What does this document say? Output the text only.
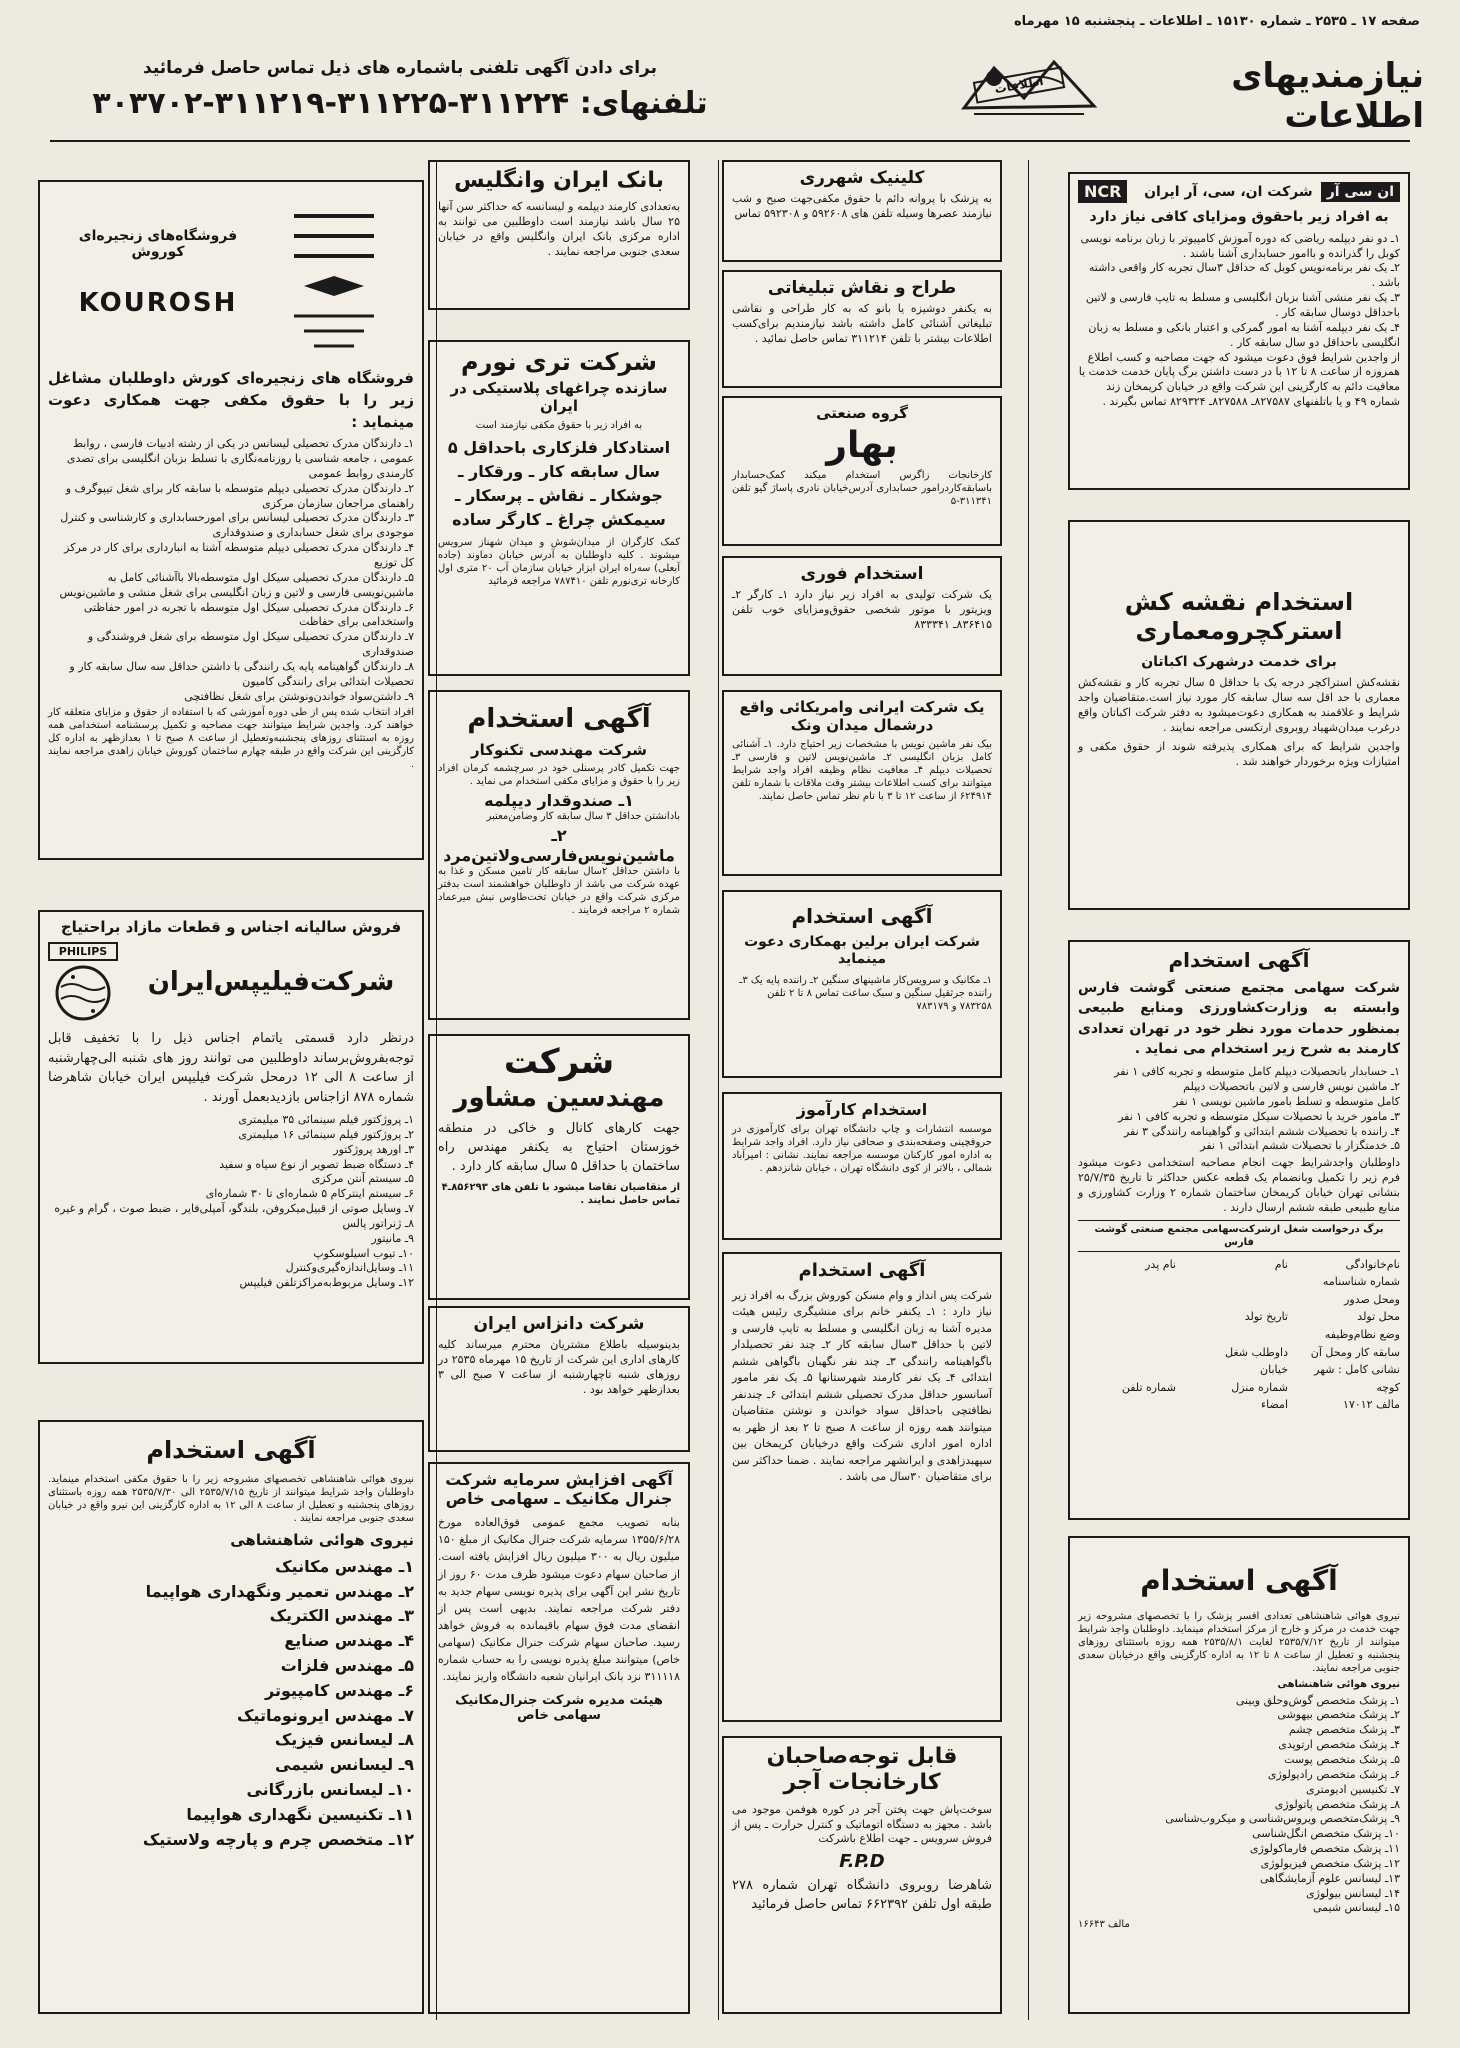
صفحه ۱۷ ـ ۲۵۳۵ ـ شماره ۱۵۱۳۰ ـ اطلاعات ـ پنجشنبه ۱۵ مهرماه
نیازمندیهای اطلاعات
اطلاعات
برای دادن آگهی تلفنی باشماره های ذیل تماس حاصل فرمائید
تلفنهای: ۳۱۱۲۲۴-۳۱۱۲۲۵-۳۱۱۲۱۹-۳۰۳۷۰۲
ان سی آر
شرکت ان، سی، آر ایران
NCR
به افراد زیر باحقوق ومزایای کافی نیاز دارد
۱ـ دو نفر دیپلمه ریاضی که دوره آموزش کامپیوتر با زبان برنامه نویسی کوبل را گذرانده و باامور حسابداری آشنا باشند .
۲ـ یک نفر برنامه‌نویس کوبل که حداقل ۳سال تجربه کار واقعی داشته باشد .
۳ـ یک نفر منشی آشنا بزبان انگلیسی و مسلط به تایپ فارسی و لاتین باحداقل دوسال سابقه کار .
۴ـ یک نفر دیپلمه آشنا به امور گمرکی و اعتبار بانکی و مسلط به زبان انگلیسی باحداقل دو سال سابقه کار .
از واجدین شرایط فوق دعوت میشود که جهت مصاحبه و کسب اطلاع همروزه از ساعت ۸ تا ۱۲ با در دست داشتن برگ پایان خدمت خدمت یا معافیت دائم به کارگزینی این شرکت واقع در خیابان کریمخان زند شماره ۴۹ و یا باتلفنهای ۸۲۷۵۸۷ـ ۸۲۷۵۸۸ـ ۸۲۹۳۲۴ تماس بگیرند .
استخدام نقشه کش
استرکچرومعماری
برای خدمت درشهرک اکباتان
نقشه‌کش استراکچر درجه یک با حداقل ۵ سال تجربه کار و نقشه‌کش معماری با حد اقل سه سال سابقه کار مورد نیاز است.متقاضیان واجد شرایط و علاقمند به همکاری دعوت‌میشود به دفتر شرکت اکباتان واقع درغرب میدان‌شهیاد روبروی ارتکسی مراجعه نمایند .
واجدین شرایط که برای همکاری پذیرفته شوند از حقوق مکفی و امتیازات ویژه برخوردار خواهند شد .
آگهی استخدام
شرکت سهامی مجتمع صنعتی گوشت فارس وابسته به وزارت‌کشاورزی ومنابع طبیعی بمنظور حدمات مورد نظر خود در تهران تعدادی کارمند به شرح زیر استخدام می نماید .
۱ـ حسابدار باتحصیلات دیپلم کامل متوسطه و تجربه کافی ۱ نفر
۲ـ ماشین نویس فارسی و لاتین باتحصیلات دیپلم
کامل متوسطه و تسلط بامور ماشین نویسی ۱ نفر
۳ـ مامور خرید با تحصیلات سیکل متوسطه و تجربه کافی ۱ نفر
۴ـ راننده با تحصیلات ششم ابتدائی و گواهینامه رانندگی ۳ نفر
۵ـ خدمتگزار با تحصیلات ششم ابتدائی ۱ نفر
داوطلبان واجدشرایط جهت انجام مصاحبه استخدامی دعوت میشود فرم زیر را تکمیل وبانضمام یک قطعه عکس حداکثر تا تاریخ ۲۵/۷/۳۵ بنشانی تهران خیابان کریمخان ساختمان شماره ۲ وزارت کشاورزی و منابع طبیعی طبقه ششم ارسال دارند .
برگ درخواست شغل ازشرکت‌سهامی مجتمع صنعتی گوشت فارس
نام‌خانوادگی
نام
نام پدر
شماره شناسنامه ومحل صدور
محل تولد
تاریخ تولد
وضع نظام‌وظیفه
سابقه کار ومحل آن
داوطلب شغل
نشانی کامل : شهر
خیابان
کوچه
شماره منزل
شماره تلفن
مالف ۱۷۰۱۲
امضاء
آگهی استخدام
نیروی هوائی شاهنشاهی تعدادی افسر پزشک را با تخصصهای مشروحه زیر جهت خدمت در مرکز و خارج از مرکز استخدام مینماید. داوطلبان واجد شرایط میتوانند از تاریخ ۲۵۳۵/۷/۱۲ لغایت ۲۵۳۵/۸/۱ همه روزه باستثنای روزهای پنجشنبه و تعطیل از ساعت ۸ تا ۱۲ به اداره کارگزینی واقع درخیابان سعدی جنوبی مراجعه نمایند.
نیروی هوائی شاهنشاهی
۱ـ پزشک متخصص گوش‌وحلق وبینی
۲ـ پزشک متخصص بیهوشی
۳ـ پزشک متخصص چشم
۴ـ پزشک متخصص ارتوپدی
۵ـ پزشک متخصص پوست
۶ـ پزشک متخصص رادیولوژی
۷ـ تکنیسین ادیومتری
۸ـ پزشک متخصص پاتولوژی
۹ـ پزشک‌متخصص ویروس‌شناسی و میکروب‌شناسی
۱۰ـ پزشک متخصص انگل‌شناسی
۱۱ـ پزشک متخصص فارماکولوژی
۱۲ـ پزشک متخصص فیزیولوژی
۱۳ـ لیسانس علوم آزمایشگاهی
۱۴ـ لیسانس بیولوژی
۱۵ـ لیسانس شیمی
مالف ۱۶۶۴۳
کلینیک شهرری
به پزشک با پروانه دائم با حقوق مکفی‌جهت صبح و شب نیازمند عصرها وسیله تلفن های ۵۹۲۶۰۸ و ۵۹۲۳۰۸ تماس
طراح و نقاش تبلیغاتی
به یکنفر دوشیزه یا بانو که به کار طراحی و نقاشی تبلیغاتی آشنائی کامل داشته باشد نیازمندیم برای‌کسب اطلاعات بیشتر با تلفن ۳۱۱۲۱۴ تماس حاصل نمائید .
گروه صنعتی
بهار
کارخانجات زاگرس استخدام میکند کمک‌حسابدار باسابقه‌کاردرامور حسابداری آدرس‌خیابان نادری پاساژ گیو تلفن ۳۱۱۳۴۱-۵
استخدام فوری
یک شرکت تولیدی به افراد زیر نیاز دارد ۱ـ کارگر ۲ـ ویزیتور با موتور شخصی حقوق‌ومزایای خوب تلفن ۸۳۶۴۱۵ـ ۸۳۳۳۴۱
یک شرکت ایرانی وامریکائی واقع درشمال میدان ونک
بیک نفر ماشین نویس با مشخصات زیر احتیاج دارد. ۱ـ آشنائی کامل بزبان انگلیسی ۲ـ ماشین‌نویس لاتین و فارسی ۳ـ تحصیلات دیپلم ۴ـ معافیت نظام وظیفه افراد واجد شرایط میتوانند برای کسب اطلاعات بیشتر وقت ملاقات با شماره تلفن ۶۲۴۹۱۴ از ساعت ۱۲ تا ۳ با نام نظر تماس حاصل نمایند.
آگهی استخدام
شرکت ایران برلین بهمکاری دعوت مینماید
۱ـ مکانیک و سرویس‌کار ماشینهای سنگین ۲ـ راننده پایه یک ۳ـ راننده جرثقیل سنگین و سبک ساعت تماس ۸ تا ۲ تلفن ۷۸۳۲۵۸ و ۷۸۳۱۷۹
استخدام کارآموز
موسسه انتشارات و چاپ دانشگاه تهران برای کارآموزی در حروفچینی وصفحه‌بندی و صحافی نیاز دارد. افراد واجد شرایط به اداره امور کارکنان موسسه مراجعه نمایند. نشانی : امیرآباد شمالی ، بالاتر از کوی دانشگاه تهران ، خیابان شانزدهم .
آگهی استخدام
شرکت پس انداز و وام مسکن کوروش بزرگ به افراد زیر نیاز دارد : ۱ـ یکنفر خانم برای منشیگری رئیس هیئت مدیره آشنا به زبان انگلیسی و مسلط به تایپ فارسی و لاتین با حداقل ۳سال سابقه کار ۲ـ چند نفر تحصیلدار باگواهینامه رانندگی ۳ـ چند نفر نگهبان باگواهی ششم ابتدائی ۴ـ یک نفر کارمند شهرستانها ۵ـ یک نفر مامور آسانسور حداقل مدرک تحصیلی ششم ابتدائی ۶ـ چندنفر نظافتچی باحداقل سواد خواندن و نوشتن متقاضیان میتوانند همه روزه از ساعت ۸ صبح تا ۲ بعد از ظهر به اداره امور اداری شرکت واقع درخیابان کریمخان بین سپهبدزاهدی و ایرانشهر مراجعه نمایند . ضمنا حداکثر سن برای متقاضیان ۳۰سال می باشد .
قابل توجه‌صاحبان
کارخانجات آجر
سوخت‌پاش جهت پختن آجر در کوره هوفمن موجود می باشد . مجهز به دستگاه اتوماتیک و کنترل حرارت ـ پس از فروش سرویس ـ جهت اطلاع باشرکت
F.P.D
شاهرضا روبروی دانشگاه تهران شماره ۲۷۸ طبقه اول تلفن ۶۶۲۳۹۲ تماس حاصل فرمائید
بانک ایران وانگلیس
به‌تعدادی کارمند دیپلمه و لیسانسه که حداکثر سن آنها ۲۵ سال باشد نیازمند است داوطلبین می توانند به اداره مرکزی بانک ایران وانگلیس واقع در خیابان سعدی جنوبی مراجعه نمایند .
شرکت تری نورم
سازنده چراغهای پلاستیکی در ایران
به افراد زیر با حقوق مکفی نیازمند است
استادکار فلزکاری باحداقل ۵ سال سابقه کار ـ ورقکار ـ جوشکار ـ نقاش ـ پرسکار ـ سیمکش چراغ ـ کارگر ساده
کمک کارگران از میدان‌شوش و میدان شهناز سرویس میشوند . کلیه داوطلبان به آدرس خیابان دماوند (جاده آبعلی) سه‌راه ایران ابزار خیابان سازمان آب ۲۰ متری اول کارخانه تری‌نورم تلفن ۷۸۷۴۱۰ مراجعه فرمائید
آگهی استخدام
شرکت مهندسی تکنوکار
جهت تکمیل کادر پرسنلی خود در سرچشمه کرمان افراد زیر را با حقوق و مزایای مکفی استخدام می نماید .
۱ـ صندوقدار دیپلمه
بادانشتن حداقل ۳ سال سابقه کار وضامن‌معتبر
۲ـ ماشین‌نویس‌فارسی‌ولاتین‌مرد
با داشتن حداقل ۲سال سابقه کار تامین مسکن و غذا به عهده شرکت می باشد از داوطلبان خواهشمند است بدفتر مرکزی شرکت واقع در خیابان تخت‌طاوس نبش میرعماد شماره ۲ مراجعه فرمایند .
شرکت
مهندسین مشاور
جهت کارهای کانال و خاکی در منطقه خوزستان احتیاج به یکنفر مهندس راه ساختمان با حداقل ۵ سال سابقه کار دارد .
از متقاضیان تقاضا میشود با تلفن های ۸۵۶۲۹۳ـ۴ تماس حاصل نمایند .
شرکت دانزاس ایران
بدینوسیله باطلاع مشتریان محترم میرساند کلیه کارهای اداری این شرکت از تاریخ ۱۵ مهرماه ۲۵۳۵ در روزهای شنبه تاچهارشنبه از ساعت ۷ صبح الی ۳ بعدازظهر خواهد بود .
آگهی افزایش سرمایه شرکت جنرال مکانیک ـ سهامی خاص
بنابه تصویب مجمع عمومی فوق‌العاده مورخ ۱۳۵۵/۶/۲۸ سرمایه شرکت جنرال مکانیک از مبلغ ۱۵۰ میلیون ریال به ۳۰۰ میلیون ریال افزایش یافته است. از صاحبان سهام دعوت میشود ظرف مدت ۶۰ روز از تاریخ نشر این آگهی برای پذیره نویسی سهام جدید به دفتر شرکت مراجعه نمایند. بدیهی است پس از انقضای مدت فوق سهام باقیمانده به فروش خواهد رسید. صاحبان سهام شرکت جنرال مکانیک (سهامی خاص) میتوانند مبلغ پذیره نویسی را به حساب شماره ۳۱۱۱۱۸ نزد بانک ایرانیان شعبه دانشگاه واریز نمایند.
هیئت مدیره شرکت جنرال‌مکانیک سهامی خاص
فروشگاه‌های زنجیره‌ای کوروش
KOUROSH
فروشگاه های زنجیره‌ای کورش داوطلبان مشاغل زیر را با حقوق مکفی جهت همکاری دعوت مینماید :
۱ـ دارندگان مدرک تحصیلی لیسانس در یکی از رشته ادبیات فارسی ، روابط عمومی ، جامعه شناسی یا روزنامه‌نگاری با تسلط بزبان انگلیسی برای تصدی کارمندی روابط عمومی
۲ـ دارندگان مدرک تحصیلی دیپلم متوسطه با سابقه کار برای شغل تیپوگرف و راهنمای مراجعان سازمان مرکزی
۳ـ دارندگان مدرک تحصیلی لیسانس برای امورحسابداری و کارشناسی و کنترل موجودی برای شغل حسابداری و صندوقداری
۴ـ دارندگان مدرک تحصیلی دیپلم متوسطه آشنا به انبارداری برای کار در مرکز کل توزیع
۵ـ دارندگان مدرک تحصیلی سیکل اول متوسطه‌بالا باآشنائی کامل به ماشین‌نویسی فارسی و لاتین و زبان انگلیسی برای شغل منشی و ماشین‌نویس
۶ـ دارندگان مدرک تحصیلی سیکل اول متوسطه با تجربه در امور حفاظتی واستخدامی برای حفاظت
۷ـ دارندگان مدرک تحصیلی سیکل اول متوسطه برای شغل فروشندگی و صندوقداری
۸ـ دارندگان گواهینامه پایه یک رانندگی با داشتن حداقل سه سال سابقه کار و تحصیلات ابتدائی برای رانندگی کامیون
۹ـ داشتن‌سواد خواندن‌ونوشتن برای شغل نظافتچی
افراد انتخاب شده پس از طی دوره آموزشی که با استفاده از حقوق و مزایای متعلقه کار خواهند کرد. واجدین شرایط میتوانند جهت مصاحبه و تکمیل پرسشنامه استخدامی همه روزه به استثنای روزهای پنجشنبه‌وتعطیل از ساعت ۸ صبح تا ۱ بعدازظهر به اداره کل کارگزینی این شرکت واقع در طبقه چهارم ساختمان کوروش خیابان زاهدی مراجعه نمایند .
فروش سالیانه اجناس و قطعات مازاد براحتیاج
PHILIPS
شرکت‌فیلیپس‌ایران
درنظر دارد قسمتی یاتمام اجناس ذیل را با تخفیف قابل توجه‌بفروش‌برساند داوطلبین می توانند روز های شنبه الی‌چهارشنبه از ساعت ۸ الی ۱۲ درمحل شرکت فیلیپس ایران خیابان شاهرضا شماره ۸۷۸ ازاجناس بازدیدبعمل آورند .
۱ـ پروژکتور فیلم سینمائی ۳۵ میلیمتری
۲ـ پروژکتور فیلم سینمائی ۱۶ میلیمتری
۳ـ اورهد پروژکتور
۴ـ دستگاه ضبط تصویر از نوع سیاه و سفید
۵ـ سیستم آنتن مرکزی
۶ـ سیستم اینترکام ۵ شماره‌ای تا ۳۰ شماره‌ای
۷ـ وسایل صوتی از قبیل‌میکروفن، بلندگو، آمپلی‌فایر ، ضبط صوت ، گرام و غیره
۸ـ ژنراتور پالس
۹ـ مانیتور
۱۰ـ تیوب اسیلوسکوپ
۱۱ـ وسایل‌اندازه‌گیری‌وکنترل
۱۲ـ وسایل مربوط‌به‌مراکز‌تلفن فیلیپس
آگهی استخدام
نیروی هوائی شاهنشاهی تخصصهای مشروحه زیر را با حقوق مکفی استخدام مینماید. داوطلبان واجد شرایط میتوانند از تاریخ ۲۵۳۵/۷/۱۵ الی ۲۵۳۵/۷/۳۰ همه روزه باستثنای روزهای پنجشنبه و تعطیل از ساعت ۸ الی ۱۲ به اداره کارگزینی این نیرو واقع در خیابان سعدی جنوبی مراجعه نمایند .
نیروی هوائی شاهنشاهی
۱ـ مهندس مکانیک
۲ـ مهندس تعمیر ونگهداری هواپیما
۳ـ مهندس الکتریک
۴ـ مهندس صنایع
۵ـ مهندس فلزات
۶ـ مهندس کامپیوتر
۷ـ مهندس ایرونوماتیک
۸ـ لیسانس فیزیک
۹ـ لیسانس شیمی
۱۰ـ لیسانس بازرگانی
۱۱ـ تکنیسین نگهداری هواپیما
۱۲ـ متخصص چرم و پارچه ولاستیک
